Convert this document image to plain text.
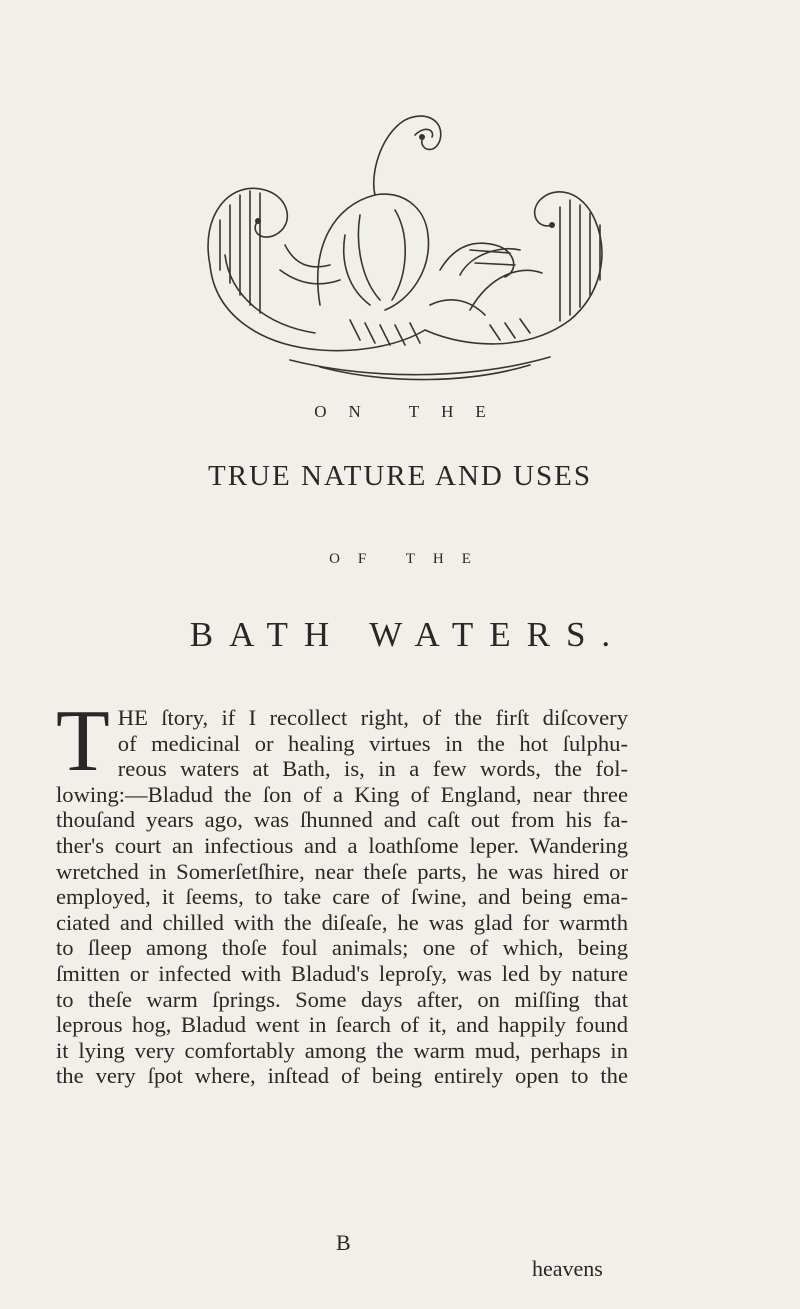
ON THE
TRUE NATURE AND USES
OF THE
BATH WATERS.
T HE ſtory, if I recollect right, of the firſt diſcovery
of medicinal or healing virtues in the hot ſulphu-
reous waters at Bath, is, in a few words, the fol-
lowing:—Bladud the ſon of a King of England, near three
thouſand years ago, was ſhunned and caſt out from his fa-
ther's court an infectious and a loathſome leper. Wandering
wretched in Somerſetſhire, near theſe parts, he was hired or
employed, it ſeems, to take care of ſwine, and being ema-
ciated and chilled with the diſeaſe, he was glad for warmth
to ſleep among thoſe foul animals; one of which, being
ſmitten or infected with Bladud's leproſy, was led by nature
to theſe warm ſprings. Some days after, on miſſing that
leprous hog, Bladud went in ſearch of it, and happily found
it lying very comfortably among the warm mud, perhaps in
the very ſpot where, inſtead of being entirely open to the
B
heavens
